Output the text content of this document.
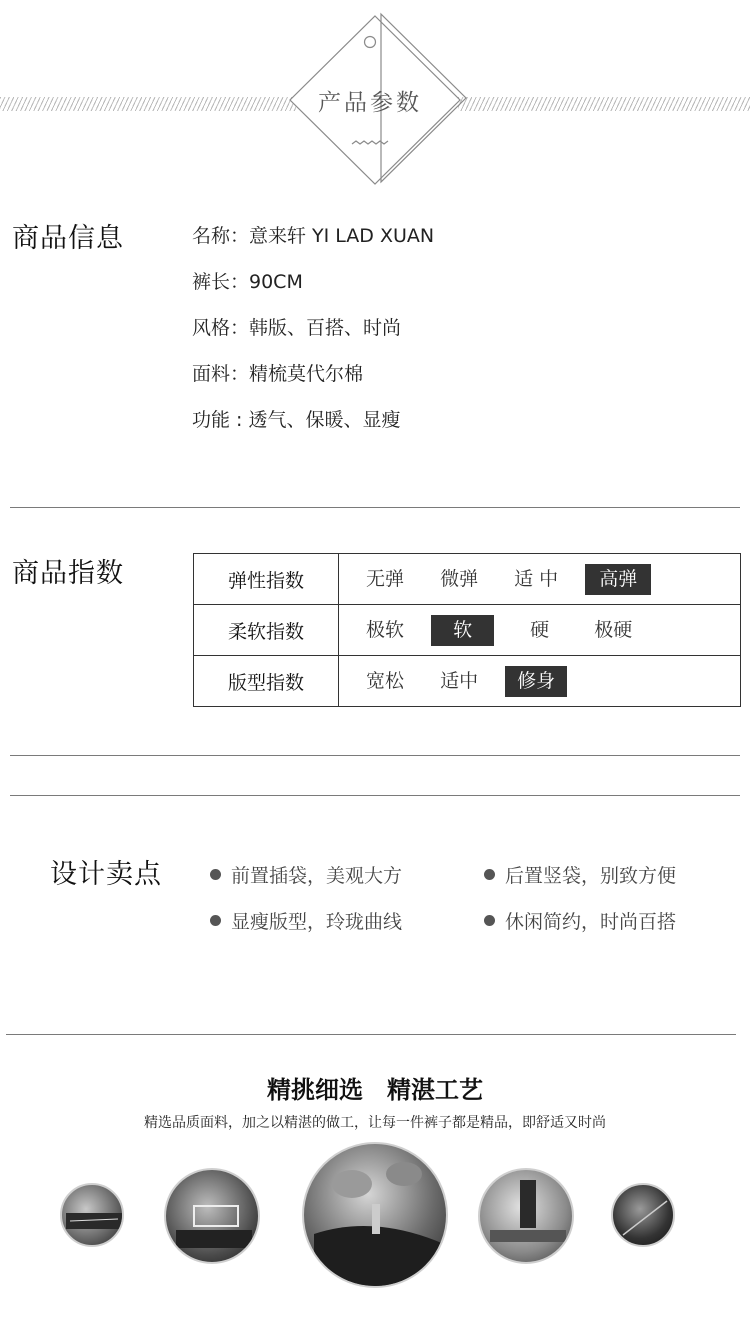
产品参数
商品信息	名称：意来轩 YI LAD XUAN
裤长：90CM
风格：韩版、百搭、时尚
面料：精梳莫代尔棉
功能 : 透气、保暖、显瘦
商品指数	弹性指数	无弹 微弹 适 中 高弹
柔软指数	极软 软 硬 极硬
版型指数	宽松 适中 修身
设计卖点	前置插袋，美观大方	后置竖袋，别致方便
显瘦版型，玲珑曲线	休闲简约，时尚百搭
精挑细选　精湛工艺
精选品质面料，加之以精湛的做工，让每一件裤子都是精品，即舒适又时尚
